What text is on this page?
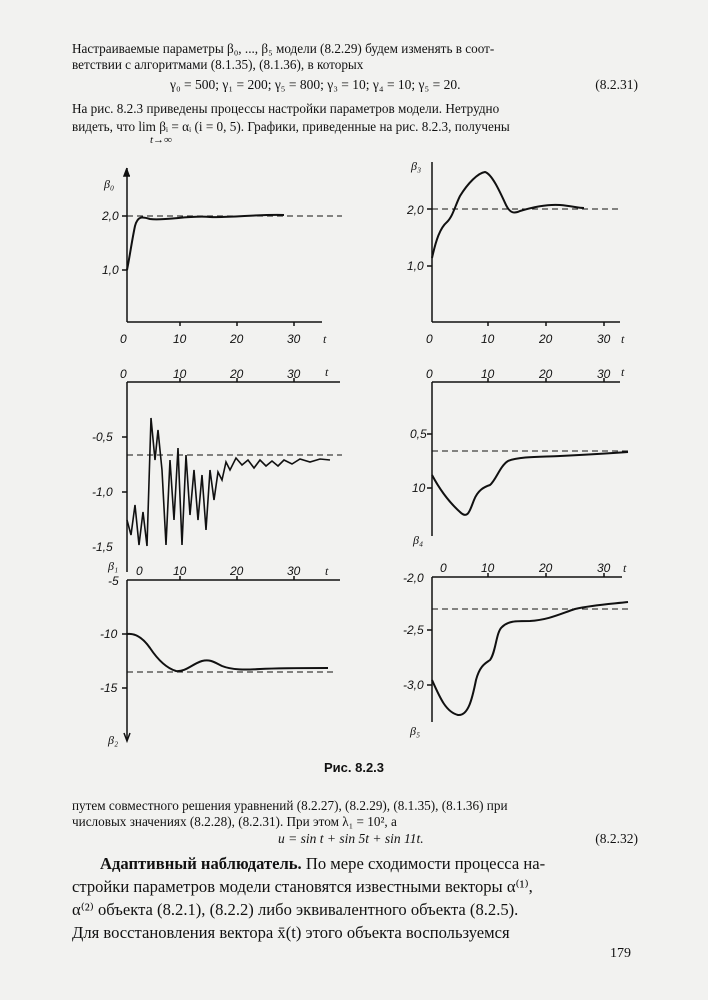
Настраиваемые параметры β₀, ..., β₅ модели (8.2.29) будем изменять в соот-
ветствии с алгоритмами (8.1.35), (8.1.36), в которых
γ₀ = 500; γ₁ = 200; γ₅ = 800; γ₃ = 10; γ₄ = 10; γ₅ = 20.	(8.2.31)
На рис. 8.2.3 приведены процессы настройки параметров модели. Нетрудно
видеть, что lim βᵢ = αᵢ (i = 0, 5). Графики, приведенные на рис. 8.2.3, получены
t→∞
β₀
2,0
1,0
0	10	20	30 t
β₃
2,0
1,0
0	10	20	30 t
0	10	20	30 t
-0,5
-1,0
-1,5
β₁
0	10	20	30 t
0,5
10
β₄
0	10	20	30 t
-5
-10
-15
β₂
0	10	20	30 t
-2,0
-2,5
-3,0
β₅
Рис. 8.2.3
путем совместного решения уравнений (8.2.27), (8.2.29), (8.1.35), (8.1.36) при
числовых значениях (8.2.28), (8.2.31). При этом λ₁ = 10², а
u = sin t + sin 5t + sin 11t.	(8.2.32)
Адаптивный наблюдатель. По мере сходимости процесса на-
стройки параметров модели становятся известными векторы α⁽¹⁾,
α⁽²⁾ объекта (8.2.1), (8.2.2) либо эквивалентного объекта (8.2.5).
Для восстановления вектора x̄(t) этого объекта воспользуемся
179
